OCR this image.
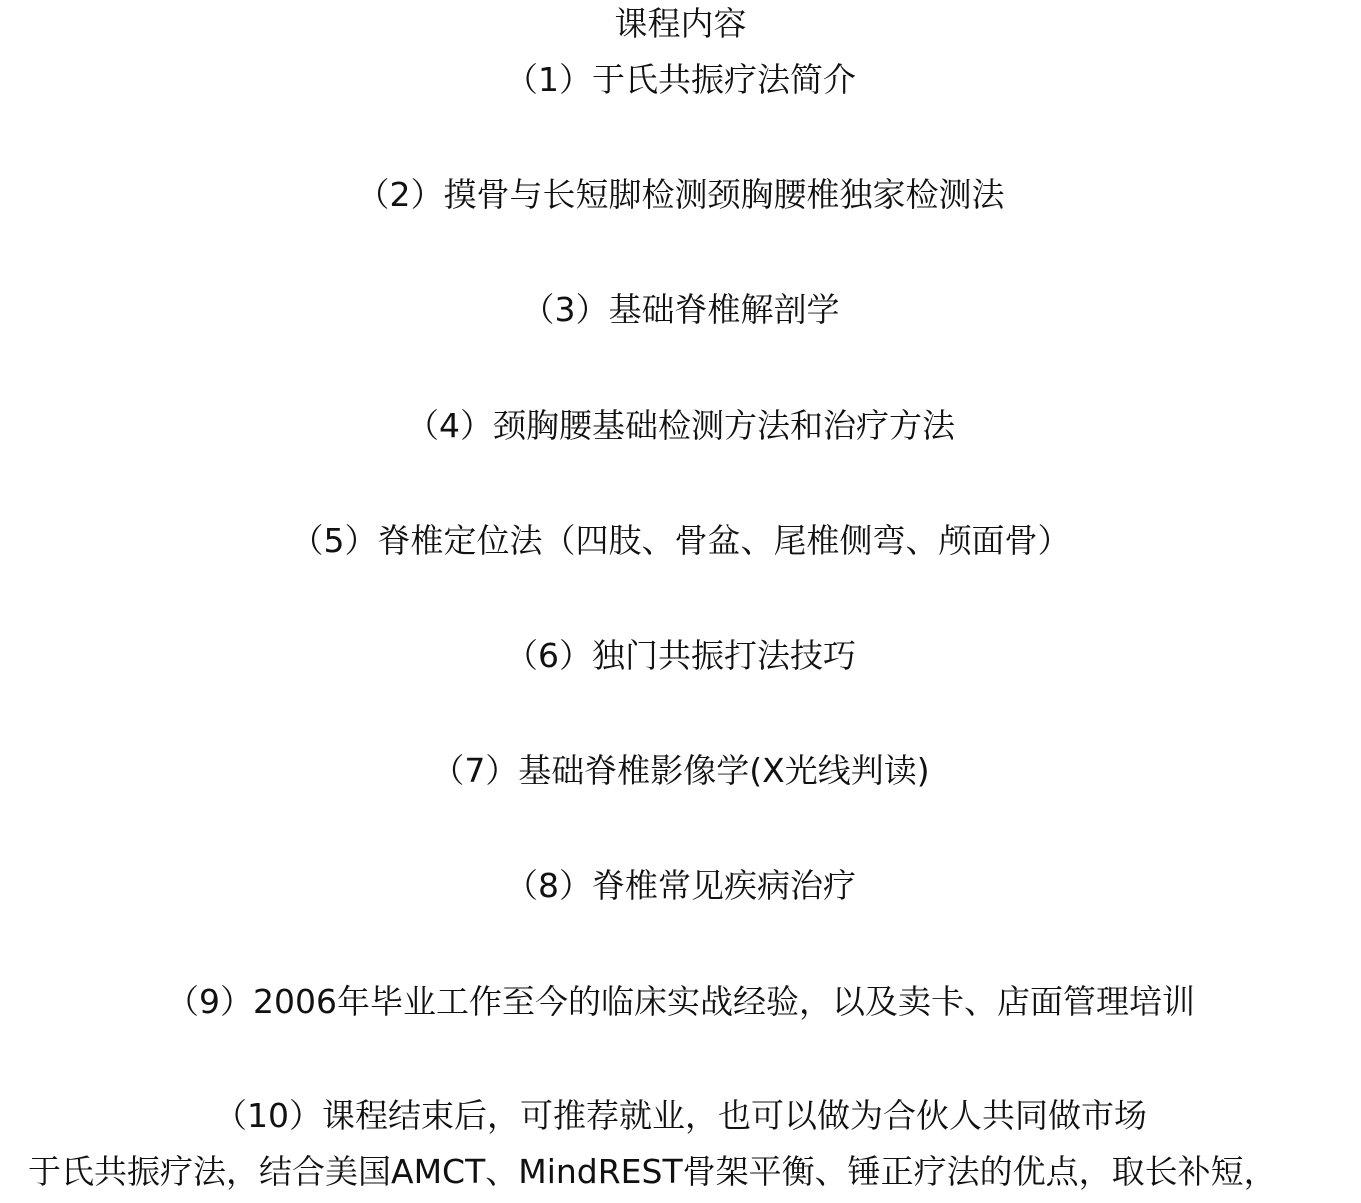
课程内容
（1）于氏共振疗法简介
（2）摸骨与长短脚检测颈胸腰椎独家检测法
（3）基础脊椎解剖学
（4）颈胸腰基础检测方法和治疗方法
（5）脊椎定位法（四肢、骨盆、尾椎侧弯、颅面骨）
（6）独门共振打法技巧
（7）基础脊椎影像学(X光线判读)
（8）脊椎常见疾病治疗
（9）2006年毕业工作至今的临床实战经验，以及卖卡、店面管理培训
（10）课程结束后，可推荐就业，也可以做为合伙人共同做市场
于氏共振疗法，结合美国AMCT、MindREST骨架平衡、锤正疗法的优点，取长补短，
